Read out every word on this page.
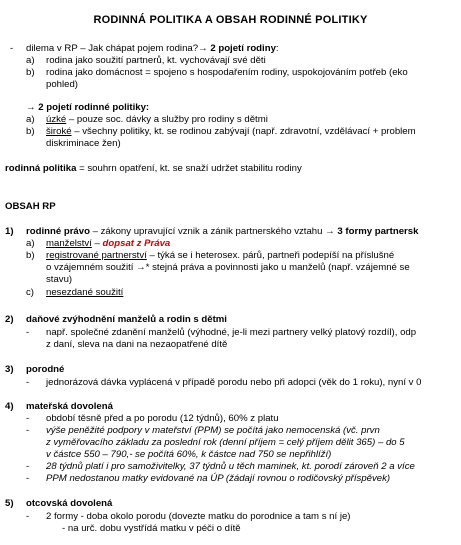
RODINNÁ POLITIKA A OBSAH RODINNÉ POLITIKY
- dilema v RP – Jak chápat pojem rodina?→ 2 pojetí rodiny:
a) rodina jako soužití partnerů, kt. vychovávají své děti
b) rodina jako domácnost = spojeno s hospodařením rodiny, uspokojováním potřeb (eko
pohled)
→ 2 pojetí rodinné politiky:
a) úzké – pouze soc. dávky a služby pro rodiny s dětmi
b) široké – všechny politiky, kt. se rodinou zabývají (např. zdravotní, vzdělávací + problem
diskriminace žen)
rodinná politika = souhrn opatření, kt. se snaží udržet stabilitu rodiny
OBSAH RP
1) rodinné právo – zákony upravující vznik a zánik partnerského vztahu → 3 formy partnersk
a) manželství – dopsat z Práva
b) registrované partnerství – týká se i heterosex. párů, partneři podepíší na příslušné
o vzájemném soužití →* stejná práva a povinnosti jako u manželů (např. vzájemné se
stavu)
c) nesezdané soužití
2) daňové zvýhodnění manželů a rodin s dětmi
- např. společné zdanění manželů (výhodné, je-li mezi partnery velký platový rozdíl), odp
z daní, sleva na dani na nezaopatřené dítě
3) porodné
- jednorázová dávka vyplácená v případě porodu nebo při adopci (věk do 1 roku), nyní v 0
4) mateřská dovolená
- období těsně před a po porodu (12 týdnů), 60% z platu
- výše peněžité podpory v mateřství (PPM) se počítá jako nemocenská (vč. prvn
z vyměřovacího základu za poslední rok (denní příjem = celý příjem dělit 365) – do 5
v částce 550 – 790,- se počítá 60%, k částce nad 750 se nepřihlíží)
- 28 týdnů platí i pro samoživitelky, 37 týdnů u těch maminek, kt. porodí zároveň 2 a více
- PPM nedostanou matky evidované na ÚP (žádají rovnou o rodičovský příspěvek)
5) otcovská dovolená
- 2 formy - doba okolo porodu (dovezte matku do porodnice a tam s ní je)
- na urč. dobu vystřídá matku v péči o dítě
